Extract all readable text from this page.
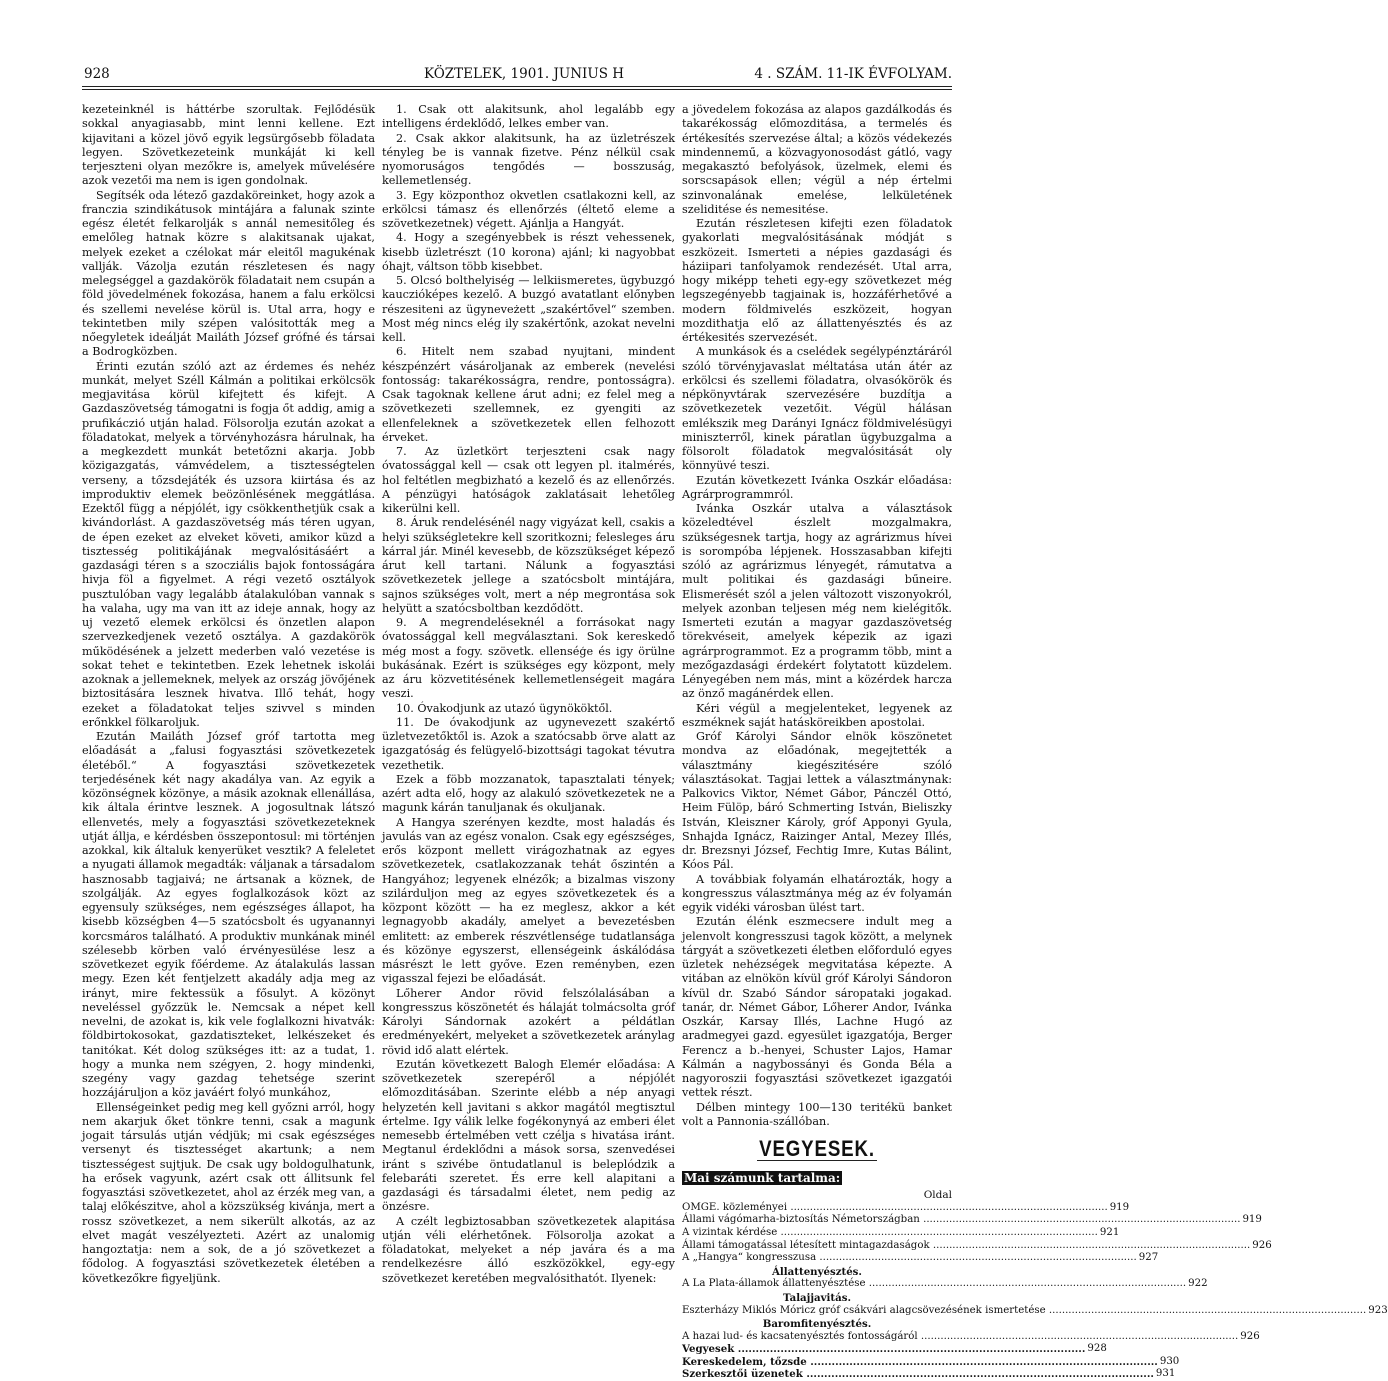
928	KÖZTELEK, 1901. JUNIUS H	4 . SZÁM. 11-IK ÉVFOLYAM.

kezeteinknél is háttérbe szorultak. Fejlődésük sokkal anyagiasabb, mint lenni kellene. Ezt kijavitani a közel jövő egyik legsürgősebb föladata legyen. Szövetkezeteink munkáját ki kell terjeszteni olyan mezőkre is, amelyek művelésére azok vezetői ma nem is igen gondolnak.

Segítsék oda létező gazdaköreinket, hogy azok a franczia szindikátusok mintájára a falunak szinte egész életét felkarolják s annál nemesitőleg és emelőleg hatnak közre s alakitsanak ujakat, melyek ezeket a czélokat már eleitől magukénak vallják. Vázolja ezután részletesen és nagy melegséggel a gazdakörök föladatait nem csupán a föld jövedelmének fokozása, hanem a falu erkölcsi és szellemi nevelése körül is. Utal arra, hogy e tekintetben mily szépen valósitották meg a nőegyletek ideálját Mailáth József grófné és társai a Bodrogközben.

Érinti ezután szóló azt az érdemes és nehéz munkát, melyet Széll Kálmán a politikai erkölcsök megjavitása körül kifejtett és kifejt. A Gazdaszövetség támogatni is fogja őt addig, amig a prufikáczió utján halad. Fölsorolja ezután azokat a föladatokat, melyek a törvényhozásra hárulnak, ha a megkezdett munkát betetőzni akarja. Jobb közigazgatás, vámvédelem, a tisztességtelen verseny, a tőzsdejáték és uzsora kiirtása és az improduktiv elemek beözönlésének meggátlása. Ezektől függ a népjólét, igy csökkenthetjük csak a kivándorlást. A gazdaszövetség más téren ugyan, de épen ezeket az elveket követi, amikor küzd a tisztesség politikájának megvalósitásáért a gazdasági téren s a szocziális bajok fontosságára hivja föl a figyelmet. A régi vezető osztályok pusztulóban vagy legalább átalakulóban vannak s ha valaha, ugy ma van itt az ideje annak, hogy az uj vezető elemek erkölcsi és önzetlen alapon szervezkedjenek vezető osztálya. A gazdakörök működésének a jelzett mederben való vezetése is sokat tehet e tekintetben. Ezek lehetnek iskolái azoknak a jellemeknek, melyek az ország jövőjének biztositására lesznek hivatva. Illő tehát, hogy ezeket a föladatokat teljes szivvel s minden erőnkkel fölkaroljuk.

Ezután Mailáth József gróf tartotta meg előadását a „falusi fogyasztási szövetkezetek életéből.“ A fogyasztási szövetkezetek terjedésének két nagy akadálya van. Az egyik a közönségnek közönye, a másik azoknak ellenállása, kik általa érintve lesznek. A jogosultnak látszó ellenvetés, mely a fogyasztási szövetkezeteknek utját állja, e kérdésben összepontosul: mi történjen azokkal, kik általuk kenyerüket vesztik? A feleletet a nyugati államok megadták: váljanak a társadalom hasznosabb tagjaivá; ne ártsanak a köznek, de szolgálják. Az egyes foglalkozások közt az egyensuly szükséges, nem egészséges állapot, ha kisebb községben 4—5 szatócsbolt és ugyanannyi korcsmáros található. A produktiv munkának minél szélesebb körben való érvényesülése lesz a szövetkezet egyik főérdeme. Az átalakulás lassan megy. Ezen két fentjelzett akadály adja meg az irányt, mire fektessük a fősulyt. A közönyt neveléssel győzzük le. Nemcsak a népet kell nevelni, de azokat is, kik vele foglalkozni hivatvák: földbirtokosokat, gazdatiszteket, lelkészeket és tanitókat. Két dolog szükséges itt: az a tudat, 1. hogy a munka nem szégyen, 2. hogy mindenki, szegény vagy gazdag tehetsége szerint hozzájáruljon a köz javáért folyó munkához,

Ellenségeinket pedig meg kell győzni arról, hogy nem akarjuk őket tönkre tenni, csak a magunk jogait társulás utján védjük; mi csak egészséges versenyt és tisztességet akartunk; a nem tisztességest sujtjuk. De csak ugy boldogulhatunk, ha erősek vagyunk, azért csak ott állitsunk fel fogyasztási szövetkezetet, ahol az érzék meg van, a talaj előkészitve, ahol a közszükség kivánja, mert a rossz szövetkezet, a nem sikerült alkotás, az az elvet magát veszélyezteti. Azért az unalomig hangoztatja: nem a sok, de a jó szövetkezet a fődolog. A fogyasztási szövetkezetek életében a következőkre figyeljünk.

1. Csak ott alakitsunk, ahol legalább egy intelligens érdeklődő, lelkes ember van.

2. Csak akkor alakitsunk, ha az üzletrészek tényleg be is vannak fizetve. Pénz nélkül csak nyomoruságos tengődés — bosszuság, kellemetlenség.

3. Egy központhoz okvetlen csatlakozni kell, az erkölcsi támasz és ellenőrzés (éltető eleme a szövetkezetnek) végett. Ajánlja a Hangyát.

4. Hogy a szegényebbek is részt vehessenek, kisebb üzletrészt (10 korona) ajánl; ki nagyobbat óhajt, váltson több kisebbet.

5. Olcsó bolthelyiség — lelkiismeretes, ügybuzgó kauczióképes kezelő. A buzgó avatatlant előnyben részesiteni az ügyneveżett „szakértővel“ szemben. Most még nincs elég ily szakértőnk, azokat nevelni kell.

6. Hitelt nem szabad nyujtani, mindent készpénzért vásároljanak az emberek (nevelési fontosság: takarékosságra, rendre, pontosságra). Csak tagoknak kellene árut adni; ez felel meg a szövetkezeti szellemnek, ez gyengiti az ellenfeleknek a szövetkezetek ellen felhozott érveket.

7. Az üzletkört terjeszteni csak nagy óvatossággal kell — csak ott legyen pl. italmérés, hol feltétlen megbizható a kezelő és az ellenőrzés. A pénzügyi hatóságok zaklatásait lehetőleg kikerülni kell.

8. Áruk rendelésénél nagy vigyázat kell, csakis a helyi szükségletekre kell szoritkozni; felesleges áru kárral jár. Minél kevesebb, de közszükséget képező árut kell tartani. Nálunk a fogyasztási szövetkezetek jellege a szatócsbolt mintájára, sajnos szükséges volt, mert a nép megrontása sok helyütt a szatócsboltban kezdődött.

9. A megrendeléseknél a forrásokat nagy óvatossággal kell megválasztani. Sok kereskedő még most a fogy. szövetk. ellenséģe és igy örülne bukásának. Ezért is szükséges egy központ, mely az áru közvetitésének kellemetlenségeit magára veszi.

10. Óvakodjunk az utazó ügynököktől.

11. De óvakodjunk az ugynevezett szakértő üzletvezetőktől is. Azok a szatócsabb örve alatt az igazgatóság és felügyelő-bizottsági tagokat tévutra vezethetik.

Ezek a föbb mozzanatok, tapasztalati tények; azért adta elő, hogy az alakuló szövetkezetek ne a magunk kárán tanuljanak és okuljanak.

A Hangya szerényen kezdte, most haladás és javulás van az egész vonalon. Csak egy egészséges, erős központ mellett virágozhatnak az egyes szövetkezetek, csatlakozzanak tehát őszintén a Hangyához; legyenek elnézők; a bizalmas viszony szilárduljon meg az egyes szövetkezetek és a központ között — ha ez meglesz, akkor a két legnagyobb akadály, amelyet a bevezetésben emlitett: az emberek részvétlensége tudatlansága és közönye egyszerst, ellenségeink áskálódása másrészt le lett győve. Ezen reményben, ezen vigasszal fejezi be előadását.

Lőherer Andor rövid felszólalásában a kongresszus köszönetét és hálaját tolmácsolta gróf Károlyi Sándornak azokért a példátlan eredményekért, melyeket a szövetkezetek aránylag rövid idő alatt elértek.

Ezután következett Balogh Elemér előadása: A szövetkezetek szerepéről a népjólét előmozditásában. Szerinte elébb a nép anyagi helyzetén kell javitani s akkor magától megtisztul értelme. Igy válik lelke fogékonynyá az emberi élet nemesebb értelmében vett czélja s hivatása iránt. Megtanul érdeklődni a mások sorsa, szenvedései iránt s szivébe öntudatlanul is beleplódzik a felebaráti szeretet. És erre kell alapitani a gazdasági és társadalmi életet, nem pedig az önzésre.

A czélt legbiztosabban szövetkezetek alapitása utján véli elérhetőnek. Fölsorolja azokat a föladatokat, melyeket a nép javára és a ma rendelkezésre álló eszközökkel, egy-egy szövetkezet keretében megvalósithatót. Ilyenek:

a jövedelem fokozása az alapos gazdálkodás és takarékosság előmozditása, a termelés és értékesítés szervezése által; a közös védekezés mindennemű, a közvagyonosodást gátló, vagy megakasztó befolyások, üzelmek, elemi és sorscsapások ellen; végül a nép értelmi szinvonalának emelése, lelkületének szeliditése és nemesitése.

Ezután részletesen kifejti ezen föladatok gyakorlati megvalósitásának módját s eszközeit. Ismerteti a népies gazdasági és háziipari tanfolyamok rendezését. Utal arra, hogy miképp teheti egy-egy szövetkezet még legszegényebb tagjainak is, hozzáférhetővé a modern földmivelés eszközeit, hogyan mozdithatja elő az állattenyésztés és az értékesités szervezését.

A munkások és a cselédek segélypénztáráról szóló törvényjavaslat méltatása után átér az erkölcsi és szellemi föladatra, olvasókörök és népkönyvtárak szervezésére buzdítja a szövetkezetek vezetőit. Végül hálásan emlékszik meg Darányi Ignácz földmivelésügyi miniszterről, kinek páratlan ügybuzgalma a fölsorolt föladatok megvalósitását oly könnyüvé teszi.

Ezután következett Ivánka Oszkár előadása: Agrárprogrammról.

Ivánka Oszkár utalva a választások közeledtével észlelt mozgalmakra, szükségesnek tartja, hogy az agrárizmus hívei is sorompóba lépjenek. Hosszasabban kifejti szóló az agrárizmus lényegét, rámutatva a mult politikai és gazdasági bűneire. Elismerését szól a jelen változott viszonyokról, melyek azonban teljesen még nem kielégitők. Ismerteti ezután a magyar gazdaszövetség törekvéseit, amelyek képezik az igazi agrárprogrammot. Ez a programm több, mint a mezőgazdasági érdekért folytatott küzdelem. Lényegében nem más, mint a közérdek harcza az önző magánérdek ellen.

Kéri végül a megjelenteket, legyenek az eszméknek saját hatásköreikben apostolai.

Gróf Károlyi Sándor elnök köszönetet mondva az előadónak, megejtették a választmány kiegészitésére szóló választásokat. Tagjai lettek a választmánynak: Palkovics Viktor, Német Gábor, Pánczél Ottó, Heim Fülöp, báró Schmerting István, Bieliszky István, Kleiszner Károly, gróf Apponyi Gyula, Snhajda Ignácz, Raizinger Antal, Mezey Illés, dr. Brezsnyi József, Fechtig Imre, Kutas Bálint, Kóos Pál.

A továbbiak folyamán elhatározták, hogy a kongresszus választmánya még az év folyamán egyik vidéki városban ülést tart.

Ezután élénk eszmecsere indult meg a jelenvolt kongresszusi tagok között, a melynek tárgyát a szövetkezeti életben előforduló egyes üzletek nehézségek megvitatása képezte. A vitában az elnökön kívül gróf Károlyi Sándoron kívül dr. Szabó Sándor sáropataki jogakad. tanár, dr. Német Gábor, Lőherer Andor, Ivánka Oszkár, Karsay Illés, Lachne Hugó az aradmegyei gazd. egyesület igazgatója, Berger Ferencz a b.-henyei, Schuster Lajos, Hamar Kálmán a nagybossányi és Gonda Béla a nagyoroszii fogyasztási szövetkezet igazgatói vettek részt.

Délben mintegy 100—130 teritékü banket volt a Pannonia-szállóban.

VEGYESEK.
Mai számunk tartalma:
Oldal
OMGE. közleményei .....	919
Állami vágómarha-biztosítás Németországban .....	919
A vizintak kérdése .....	921
Állami támogatással létesített mintagazdaságok .....	926
A „Hangya“ kongresszusa .....	927
Állattenyésztés.
A La Plata-államok állattenyésztése .....	922
Talajjavitás.
Eszterházy Miklós Móricz gróf csákvári alagcsövezésének ismertetése .....	923
Baromfitenyésztés.
A hazai lud- és kacsatenyésztés fontosságáról .....	926
Vegyesek .....	928
Kereskedelem, tőzsde .....	930
Szerkesztői üzenetek .....	931
